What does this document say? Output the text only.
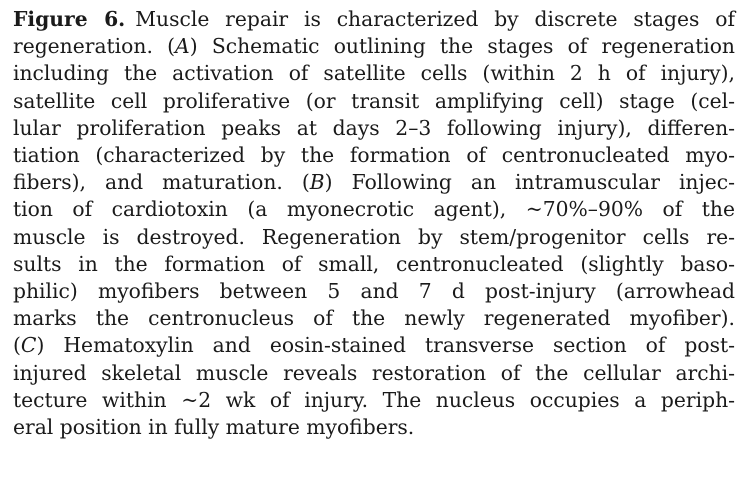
Figure 6. Muscle repair is characterized by discrete stages of
regeneration. (A) Schematic outlining the stages of regeneration
including the activation of satellite cells (within 2 h of injury),
satellite cell proliferative (or transit amplifying cell) stage (cel-
lular proliferation peaks at days 2–3 following injury), differen-
tiation (characterized by the formation of centronucleated myo-
fibers), and maturation. (B) Following an intramuscular injec-
tion of cardiotoxin (a myonecrotic agent), ~70%–90% of the
muscle is destroyed. Regeneration by stem/progenitor cells re-
sults in the formation of small, centronucleated (slightly baso-
philic) myofibers between 5 and 7 d post-injury (arrowhead
marks the centronucleus of the newly regenerated myofiber).
(C) Hematoxylin and eosin-stained transverse section of post-
injured skeletal muscle reveals restoration of the cellular archi-
tecture within ~2 wk of injury. The nucleus occupies a periph-
eral position in fully mature myofibers.
